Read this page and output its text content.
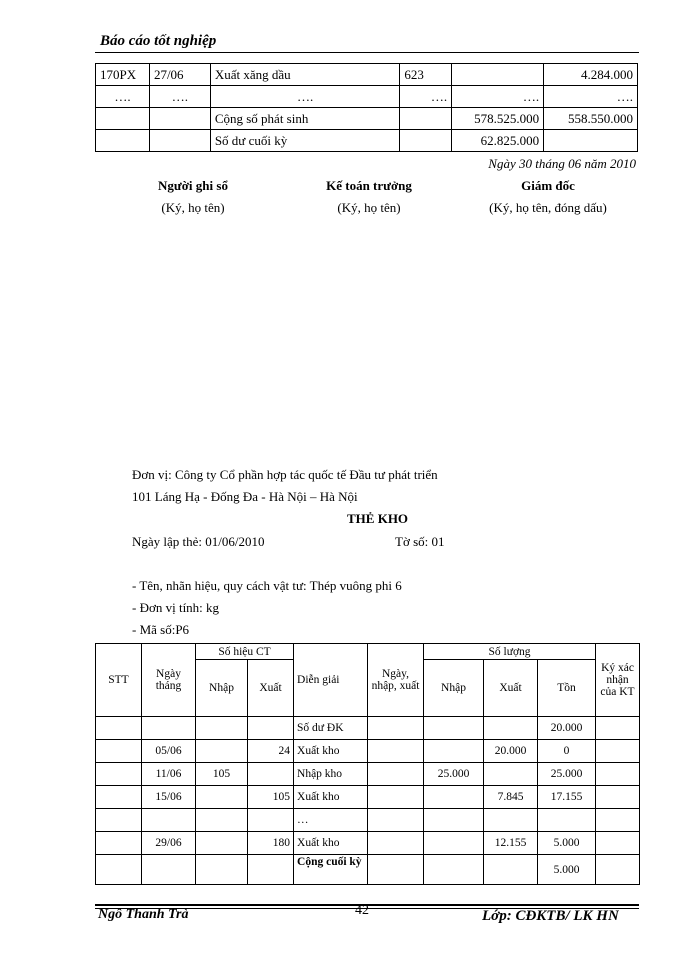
Báo cáo tốt nghiệp
170PX	27/06	Xuất xăng dầu	623		4.284.000
….	….	….	….	….	….
		Cộng số phát sinh		578.525.000	558.550.000
		Số dư cuối kỳ		62.825.000	
Ngày 30 tháng 06 năm 2010
Người ghi sổ
(Ký, họ tên)
Kế toán trưởng
(Ký, họ tên)
Giám đốc
(Ký, họ tên, đóng dấu)
Đơn vị: Công ty Cổ phần hợp tác quốc tế Đầu tư phát triển
101 Láng Hạ - Đống Đa - Hà Nội – Hà Nội
THẺ KHO
Ngày lập thẻ: 01/06/2010	Tờ số: 01
- Tên, nhãn hiệu, quy cách vật tư: Thép vuông phi 6
- Đơn vị tính: kg
- Mã số:P6
STT	Ngày tháng	Số hiệu CT		Diễn giải	Ngày, nhập, xuất	Số lượng			Ký xác nhận của KT
		Nhập	Xuất			Nhập	Xuất	Tồn	
				Số dư ĐK				20.000	
	05/06		24	Xuất kho			20.000	0	
	11/06	105		Nhập kho		25.000		25.000	
	15/06		105	Xuất kho			7.845	17.155	
				…					
	29/06		180	Xuất kho			12.155	5.000	
				Cộng cuối kỳ				5.000	
Ngô Thanh Trà	42	Lớp: CĐKTB/ LK HN
